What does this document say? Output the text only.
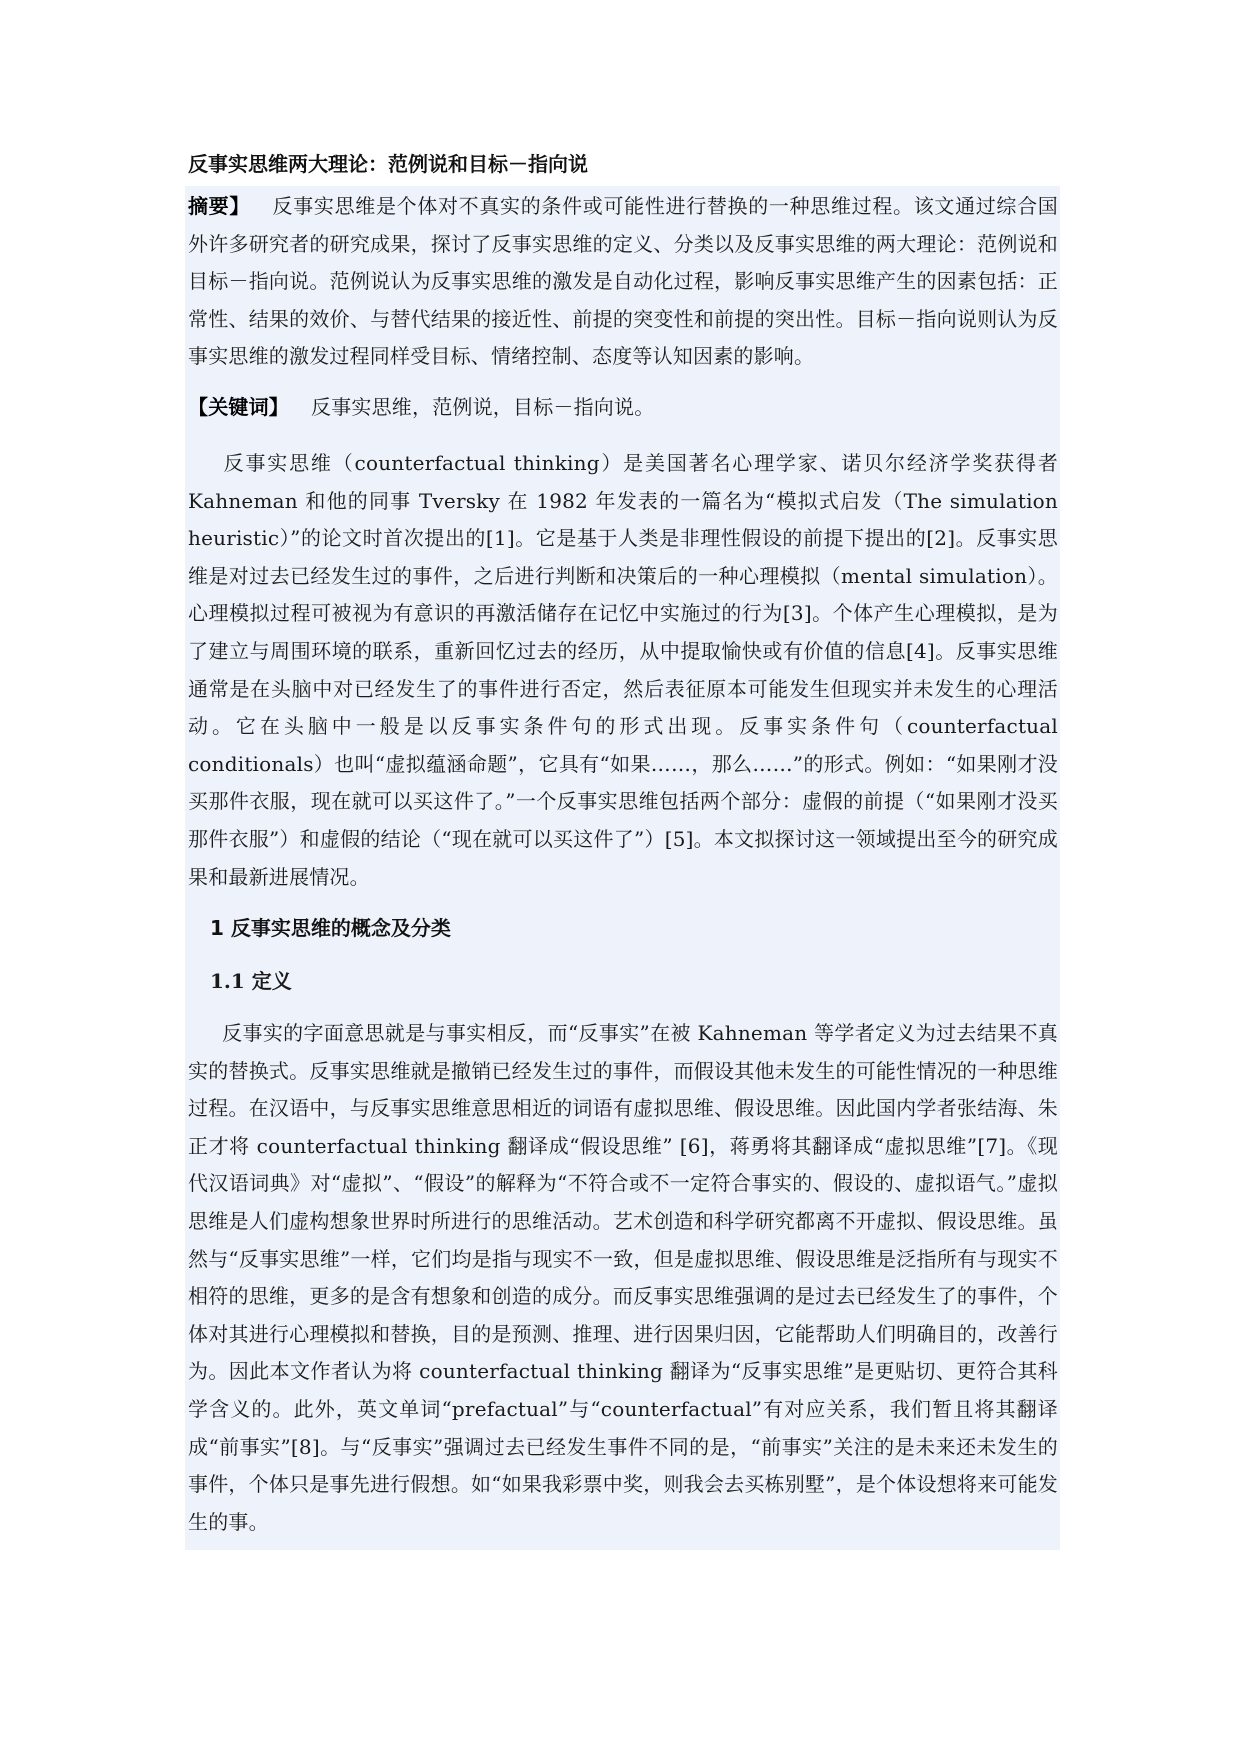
反事实思维两大理论：范例说和目标－指向说

摘要】 反事实思维是个体对不真实的条件或可能性进行替换的一种思维过程。该文通过综合国外许多研究者的研究成果，探讨了反事实思维的定义、分类以及反事实思维的两大理论：范例说和目标－指向说。范例说认为反事实思维的激发是自动化过程，影响反事实思维产生的因素包括：正常性、结果的效价、与替代结果的接近性、前提的突变性和前提的突出性。目标－指向说则认为反事实思维的激发过程同样受目标、情绪控制、态度等认知因素的影响。

【关键词】 反事实思维，范例说，目标－指向说。

反事实思维（counterfactual thinking）是美国著名心理学家、诺贝尔经济学奖获得者Kahneman 和他的同事 Tversky 在 1982 年发表的一篇名为“模拟式启发（The simulation heuristic）”的论文时首次提出的[1]。它是基于人类是非理性假设的前提下提出的[2]。反事实思维是对过去已经发生过的事件，之后进行判断和决策后的一种心理模拟（mental simulation）。心理模拟过程可被视为有意识的再激活储存在记忆中实施过的行为[3]。个体产生心理模拟，是为了建立与周围环境的联系，重新回忆过去的经历，从中提取愉快或有价值的信息[4]。反事实思维通常是在头脑中对已经发生了的事件进行否定，然后表征原本可能发生但现实并未发生的心理活动。它在头脑中一般是以反事实条件句的形式出现。反事实条件句（counterfactual conditionals）也叫“虚拟蕴涵命题”，它具有“如果……，那么……”的形式。例如：“如果刚才没买那件衣服，现在就可以买这件了。”一个反事实思维包括两个部分：虚假的前提（“如果刚才没买那件衣服”）和虚假的结论（“现在就可以买这件了”）[5]。本文拟探讨这一领域提出至今的研究成果和最新进展情况。

1 反事实思维的概念及分类
1.1 定义

反事实的字面意思就是与事实相反，而“反事实”在被 Kahneman 等学者定义为过去结果不真实的替换式。反事实思维就是撤销已经发生过的事件，而假设其他未发生的可能性情况的一种思维过程。在汉语中，与反事实思维意思相近的词语有虚拟思维、假设思维。因此国内学者张结海、朱正才将 counterfactual thinking 翻译成“假设思维” [6]，蒋勇将其翻译成“虚拟思维”[7]。《现代汉语词典》对“虚拟”、“假设”的解释为“不符合或不一定符合事实的、假设的、虚拟语气。”虚拟思维是人们虚构想象世界时所进行的思维活动。艺术创造和科学研究都离不开虚拟、假设思维。虽然与“反事实思维”一样，它们均是指与现实不一致，但是虚拟思维、假设思维是泛指所有与现实不相符的思维，更多的是含有想象和创造的成分。而反事实思维强调的是过去已经发生了的事件，个体对其进行心理模拟和替换，目的是预测、推理、进行因果归因，它能帮助人们明确目的，改善行为。因此本文作者认为将 counterfactual thinking 翻译为“反事实思维”是更贴切、更符合其科学含义的。此外，英文单词“prefactual”与“counterfactual”有对应关系，我们暂且将其翻译成“前事实”[8]。与“反事实”强调过去已经发生事件不同的是，“前事实”关注的是未来还未发生的事件，个体只是事先进行假想。如“如果我彩票中奖，则我会去买栋别墅”，是个体设想将来可能发生的事。
